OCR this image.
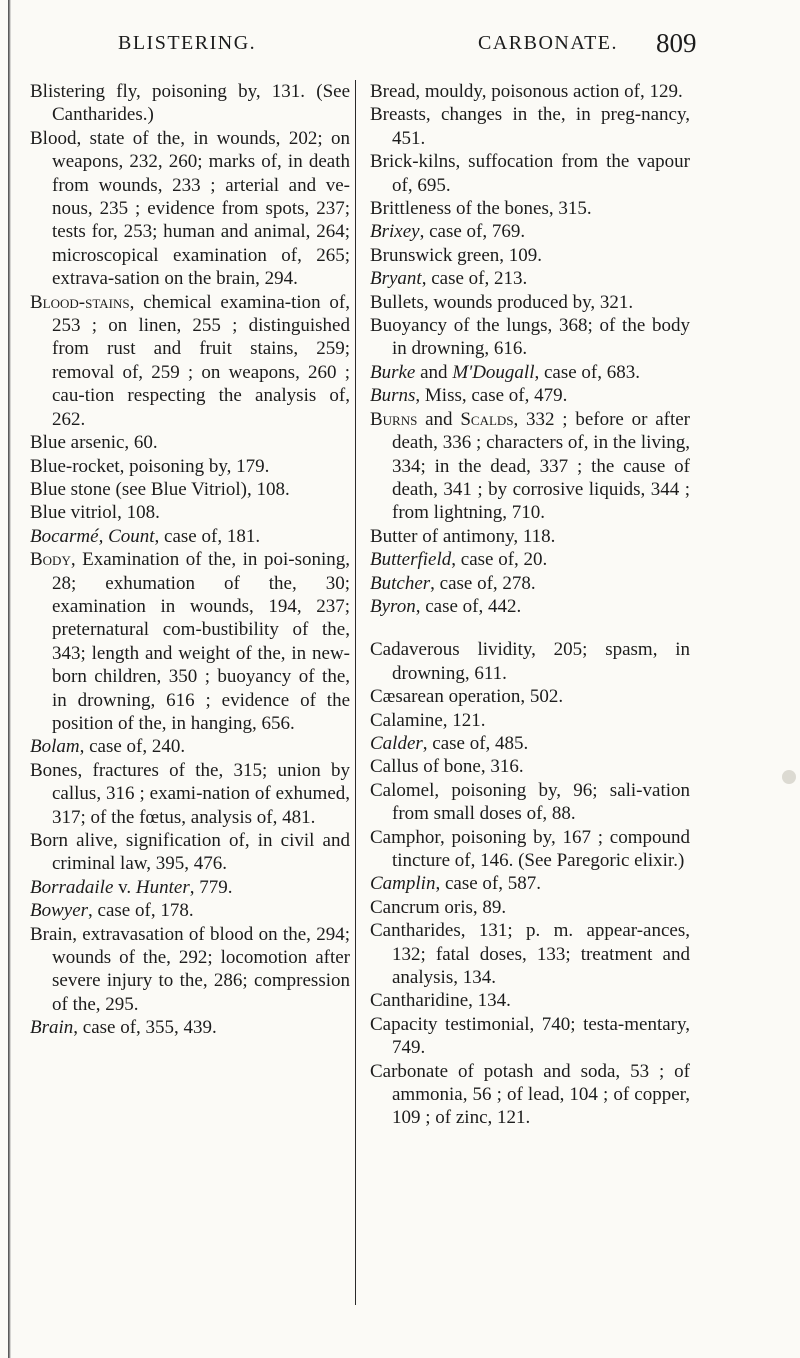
BLISTERING.	CARBONATE. 809

Blistering fly, poisoning by, 131. (See Cantharides.)

Blood, state of the, in wounds, 202; on weapons, 232, 260; marks of, in death from wounds, 233 ; arterial and ve-nous, 235 ; evidence from spots, 237; tests for, 253; human and animal, 264; microscopical examination of, 265; extrava-sation on the brain, 294.

Blood-stains, chemical examina-tion of, 253 ; on linen, 255 ; distinguished from rust and fruit stains, 259; removal of, 259 ; on weapons, 260 ; cau-tion respecting the analysis of, 262.

Blue arsenic, 60.

Blue-rocket, poisoning by, 179.

Blue stone (see Blue Vitriol), 108.

Blue vitriol, 108.

Bocarmé, Count, case of, 181.

Body, Examination of the, in poi-soning, 28; exhumation of the, 30; examination in wounds, 194, 237; preternatural com-bustibility of the, 343; length and weight of the, in new-born children, 350 ; buoyancy of the, in drowning, 616 ; evidence of the position of the, in hanging, 656.

Bolam, case of, 240.

Bones, fractures of the, 315; union by callus, 316 ; exami-nation of exhumed, 317; of the fœtus, analysis of, 481.

Born alive, signification of, in civil and criminal law, 395, 476.

Borradaile v. Hunter, 779.

Bowyer, case of, 178.

Brain, extravasation of blood on the, 294; wounds of the, 292; locomotion after severe injury to the, 286; compression of the, 295.

Brain, case of, 355, 439.

Bread, mouldy, poisonous action of, 129.

Breasts, changes in the, in preg-nancy, 451.

Brick-kilns, suffocation from the vapour of, 695.

Brittleness of the bones, 315.

Brixey, case of, 769.

Brunswick green, 109.

Bryant, case of, 213.

Bullets, wounds produced by, 321.

Buoyancy of the lungs, 368; of the body in drowning, 616.

Burke and M'Dougall, case of, 683.

Burns, Miss, case of, 479.

Burns and Scalds, 332 ; before or after death, 336 ; characters of, in the living, 334; in the dead, 337 ; the cause of death, 341 ; by corrosive liquids, 344 ; from lightning, 710.

Butter of antimony, 118.

Butterfield, case of, 20.

Butcher, case of, 278.

Byron, case of, 442.

Cadaverous lividity, 205; spasm, in drowning, 611.

Cæsarean operation, 502.

Calamine, 121.

Calder, case of, 485.

Callus of bone, 316.

Calomel, poisoning by, 96; sali-vation from small doses of, 88.

Camphor, poisoning by, 167 ; compound tincture of, 146. (See Paregoric elixir.)

Camplin, case of, 587.

Cancrum oris, 89.

Cantharides, 131; p. m. appear-ances, 132; fatal doses, 133; treatment and analysis, 134.

Cantharidine, 134.

Capacity testimonial, 740; testa-mentary, 749.

Carbonate of potash and soda, 53 ; of ammonia, 56 ; of lead, 104 ; of copper, 109 ; of zinc, 121.
